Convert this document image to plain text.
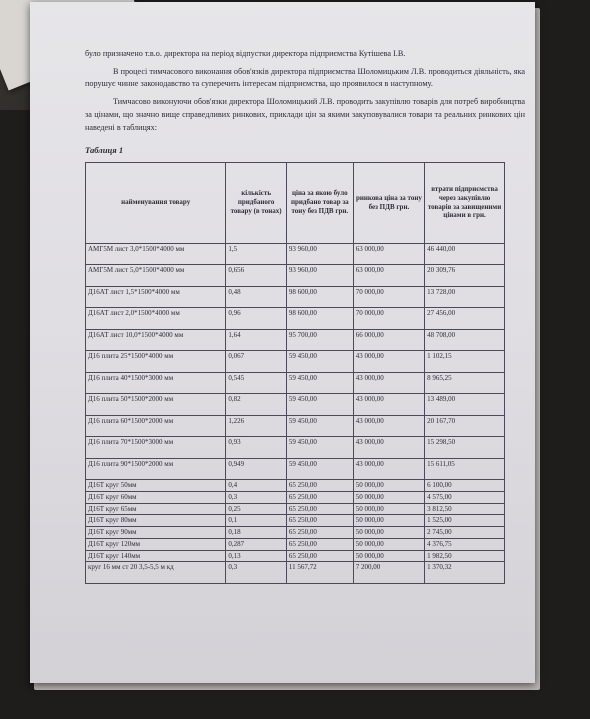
було призначено т.в.о. директора на період відпустки директора підприємства Кутішева І.В.

В процесі тимчасового виконання обов'язків директора підприємства Шоломицьким Л.В. проводиться діяльність, яка порушує чинне законодавство та суперечить інтересам підприємства, що проявилося в наступному.

Тимчасово виконуючи обов'язки директора Шоломицький Л.В. проводить закупівлю товарів для потреб виробництва за цінами, що значно вище справедливих ринкових, приклади цін за якими закуповувалися товари та реальних ринкових цін наведені в таблицях:

Таблиця 1
найменування товару	кількість придбаного товару (в тонах)	ціна за якою було придбано товар за тону без ПДВ грн.	ринкова ціна за тону без ПДВ грн.	втрати підприємства через закупівлю товарів за завищеними цінами в грн.
АМГ5М лист 3,0*1500*4000 мм	1,5	93 960,00	63 000,00	46 440,00
АМГ5М лист 5,0*1500*4000 мм	0,656	93 960,00	63 000,00	20 309,76
Д16АТ лист 1,5*1500*4000 мм	0,48	98 600,00	70 000,00	13 728,00
Д16АТ лист 2,0*1500*4000 мм	0,96	98 600,00	70 000,00	27 456,00
Д16АТ лист 10,0*1500*4000 мм	1,64	95 700,00	66 000,00	48 708,00
Д16 плита 25*1500*4000 мм	0,067	59 450,00	43 000,00	1 102,15
Д16 плита 40*1500*3000 мм	0,545	59 450,00	43 000,00	8 965,25
Д16 плита 50*1500*2000 мм	0,82	59 450,00	43 000,00	13 489,00
Д16 плита 60*1500*2000 мм	1,226	59 450,00	43 000,00	20 167,70
Д16 плита 70*1500*3000 мм	0,93	59 450,00	43 000,00	15 298,50
Д16 плита 90*1500*2000 мм	0,949	59 450,00	43 000,00	15 611,05
Д16Т круг 50мм	0,4	65 250,00	50 000,00	6 100,00
Д16Т круг 60мм	0,3	65 250,00	50 000,00	4 575,00
Д16Т круг 65мм	0,25	65 250,00	50 000,00	3 812,50
Д16Т круг 80мм	0,1	65 250,00	50 000,00	1 525,00
Д16Т круг 90мм	0,18	65 250,00	50 000,00	2 745,00
Д16Т круг 120мм	0,287	65 250,00	50 000,00	4 376,75
Д16Т круг 140мм	0,13	65 250,00	50 000,00	1 982,50
круг 16 мм ст 20 3,5-5,5 м кд	0,3	11 567,72	7 200,00	1 370,32
